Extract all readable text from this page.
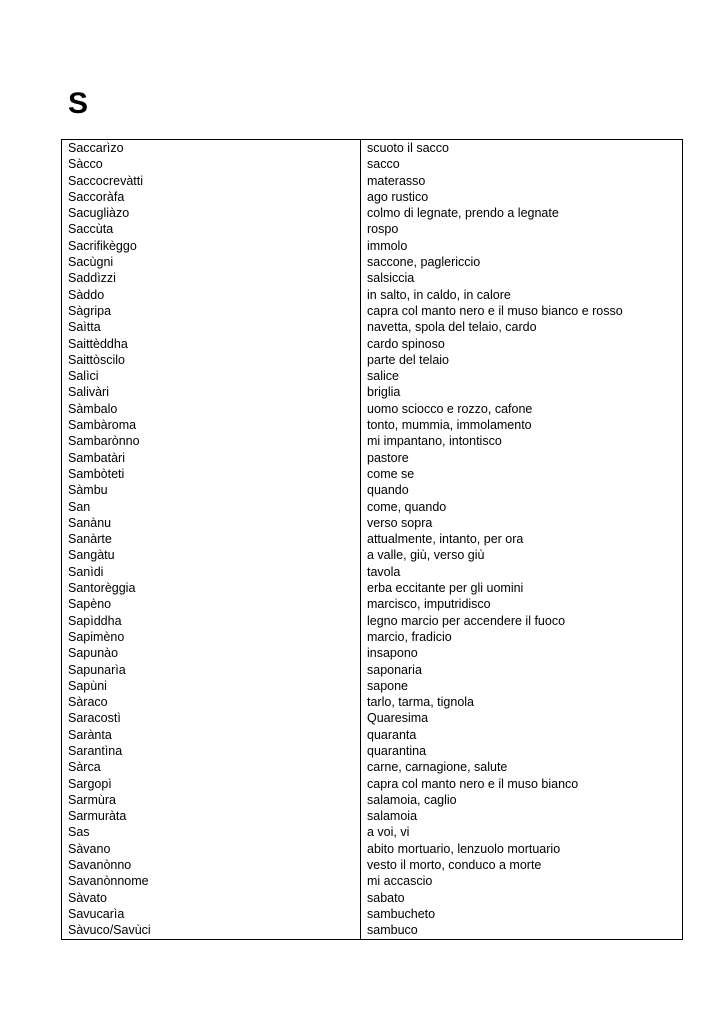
S
Saccarìzo	scuoto il sacco
Sàcco	sacco
Saccocrevàtti	materasso
Saccoràfa	ago rustico
Sacugliàzo	colmo di legnate, prendo a legnate
Saccùta	rospo
Sacrifikèggo	immolo
Sacùgni	saccone, paglericcio
Saddìzzi	salsiccia
Sàddo	in salto, in caldo, in calore
Sàgripa	capra col manto nero e il muso bianco e rosso
Saìtta	navetta, spola del telaio, cardo
Saittèddha	cardo spinoso
Saittòscilo	parte del telaio
Salìci	salice
Salivàri	briglia
Sàmbalo	uomo sciocco e rozzo, cafone
Sambàroma	tonto, mummia, immolamento
Sambarònno	mi impantano, intontisco
Sambatàri	pastore
Sambòteti	come se
Sàmbu	quando
San	come, quando
Sanànu	verso sopra
Sanàrte	attualmente, intanto, per ora
Sangàtu	a valle, giù, verso giù
Sanìdi	tavola
Santorèggia	erba eccitante per gli uomini
Sapèno	marcisco, imputridisco
Sapìddha	legno marcio per accendere il fuoco
Sapimèno	marcio, fradicio
Sapunào	insapono
Sapunarìa	saponaria
Sapùni	sapone
Sàraco	tarlo, tarma, tignola
Saracostì	Quaresima
Sarànta	quaranta
Sarantìna	quarantina
Sàrca	carne, carnagione, salute
Sargopì	capra col manto nero e il muso bianco
Sarmùra	salamoia, caglio
Sarmuràta	salamoia
Sas	a voi, vi
Sàvano	abito mortuario, lenzuolo mortuario
Savanònno	vesto il morto, conduco a morte
Savanònnome	mi accascio
Sàvato	sabato
Savucarìa	sambucheto
Sàvuco/Savùci	sambuco
